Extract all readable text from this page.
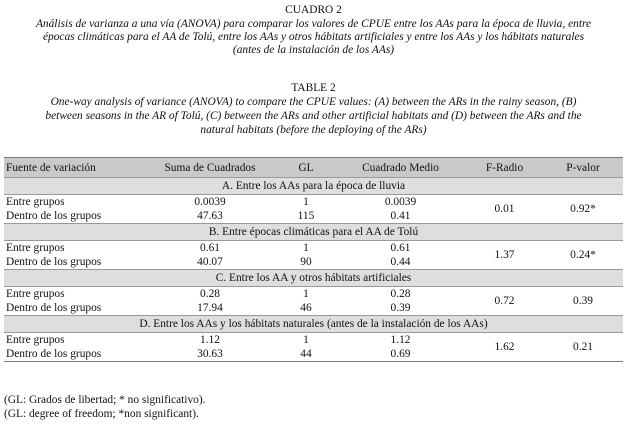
CUADRO 2
Análisis de varianza a una vía (ANOVA) para comparar los valores de CPUE entre los AAs para la época de lluvia, entre
épocas climáticas para el AA de Tolú, entre los AAs y otros hábitats artificiales y entre los AAs y los hábitats naturales
(antes de la instalación de los AAs)
TABLE 2
One-way analysis of variance (ANOVA) to compare the CPUE values: (A) between the ARs in the rainy season, (B)
between seasons in the AR of Tolú, (C) between the ARs and other artificial habitats and (D) between the ARs and the
natural habitats (before the deploying of the ARs)
Fuente de variación	Suma de Cuadrados	GL	Cuadrado Medio	F-Radio	P-valor
A. Entre los AAs para la época de lluvia					
Entre grupos	0.0039	1	0.0039	0.01	0.92*
Dentro de los grupos	47.63	115	0.41		
B. Entre épocas climáticas para el AA de Tolú					
Entre grupos	0.61	1	0.61	1.37	0.24*
Dentro de los grupos	40.07	90	0.44		
C. Entre los AA y otros hábitats artificiales					
Entre grupos	0.28	1	0.28	0.72	0.39
Dentro de los grupos	17.94	46	0.39		
D. Entre los AAs y los hábitats naturales (antes de la instalación de los AAs)					
Entre grupos	1.12	1	1.12	1.62	0.21
Dentro de los grupos	30.63	44	0.69		
(GL: Grados de libertad; * no significativo).
(GL: degree of freedom; *non significant).
